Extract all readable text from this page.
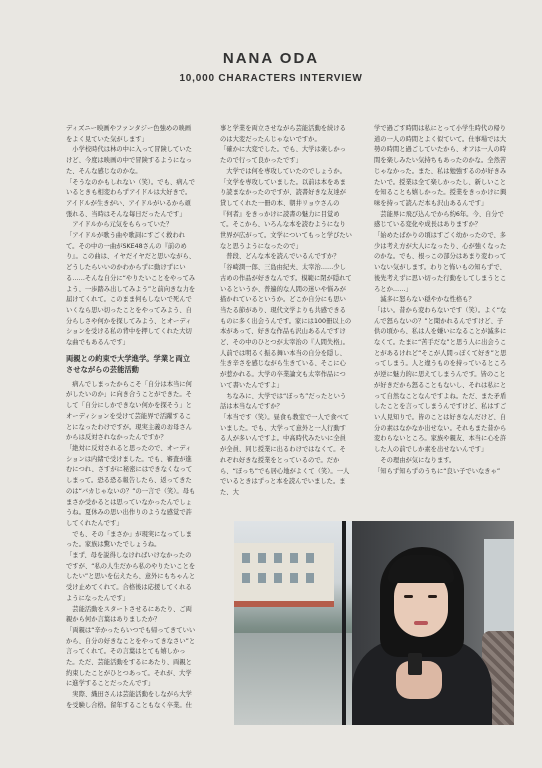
NANA ODA
10,000 CHARACTERS INTERVIEW

ディズニー映画やファンタジー色強めの映画をよく見ていた気がします」

　小学校時代は林の中に入って冒険していたけど、今度は映画の中で冒険するようになった、そんな感じなのかな。

「そうなのかもしれない（笑）。でも、病んでいるときも相変わらずアイドルは大好きで。アイドルが生きがい、アイドルがいるから頑張れる、当時はそんな毎日だったんです」

　アイドルから元気をもらっていた？

「アイドルが歌う曲や歌詞にすごく救われて。その中の一曲がSKE48さんの『前のめり』。この曲は、イヤだイヤだと思いながら、どうしたらいいのかわからずに動けずにいる……そんな自分に“やりたいことをやってみよう、一歩踏み出してみよう”と前向きな力を届けてくれて。このまま何もしないで死んでいくなら思い切ったことをやってみよう、自分らしさや何かを探してみよう、とオーディションを受ける私の背中を押してくれた大切な曲でもあるんです」

両親との約束で大学進学。学業と両立させながらの芸能活動

　病んでしまったからこそ「自分は本当に何がしたいのか」に向き合うことができた。そして「自分にしかできない何かを探そう」とオーディションを受けて芸能界で活躍することになったわけですが。現実主義のお母さんからは反対されなかったんですか？

「絶対に反対されると思ったので、オーディションは内緒で受けました。でも、審査が進むにつれ、さすがに秘密にはできなくなってしまって。恐る恐る報告したら、返ってきたのは“バカじゃないの？”の一言で（笑）。母もまさか受かるとは思っていなかったんでしょうね。夏休みの思い出作りのような感覚で許してくれたんです」

　でも、その「まさか」が現実になってしまった。家族は驚いたでしょうね。

「まず、母を説得しなければいけなかったのですが、“私の人生だから私のやりたいことをしたい”と思いを伝えたら、意外にもちゃんと受け止めてくれて。合格後は応援してくれるようになったんです」

　芸能活動をスタートさせるにあたり、ご両親から何か言葉はありましたか？

「両親は“辛かったらいつでも帰ってきていいから、自分の好きなことをやってきなさい”と言ってくれて。その言葉はとても嬉しかった。ただ、芸能活動をするにあたり、両親と約束したことがひとつあって。それが、大学に進学することだったんです」

　実際、織田さんは芸能活動をしながら大学を受験し合格。留年することもなく卒業。仕

事と学業を両立させながら芸能活動を続けるのは大変だったんじゃないですか。

「確かに大変でした。でも、大学は楽しかったので行って良かったです」

　大学では何を専攻していたのでしょうか。

「文学を専攻していました。以前は本をあまり読まなかったのですが、読書好きな友達が貸してくれた一冊の本、朝井リョウさんの『何者』をきっかけに読書の魅力に目覚めて。そこから、いろんな本を読むようになり世界が広がって。文学についてもっと学びたいなと思うようになったので」

　普段、どんな本を読んでいるんですか？

「谷崎潤一郎、三島由紀夫、太宰治……少し古めの作品が好きなんです。模範に閉が隠れているというか、普遍的な人間の迷いや悩みが描かれているというか。どこか自分にも思い当たる節があり、現代文学よりも共感できるものに多く出会うんです。家には100冊以上の本があって、好きな作品も沢山あるんですけど、その中のひとつが太宰治の『人間失格』。人前では明るく振る舞い本当の自分を隠し、生き辛さを感じながら生きている、そこに心が惹かれる。大学の卒業論文も太宰作品について書いたんですよ」

　ちなみに、大学では“ぼっち”だったという話は本当なんですか？

「本当です（笑）。昼食も教室で一人で食べていました。でも、大学って意外と一人行動する人が多いんですよ。中高時代みたいに全員が全員、同じ授業に出るわけではなくて。それぞれ好きな授業をとっているので。だから、“ぼっち”でも居心地がよくて（笑）。一人でいるときはずっと本を読んでいました。また、大

学で過ごす時間は私にとって小学生時代の帰り道の一人の時間とよく似ていて。仕事場では大勢の時間と過ごしていたから、オフは一人の時間を楽しみたい気持ちもあったのかな。全然苦じゃなかった。また、私は勉強するのが好きみたいで。授業は全て楽しかったし、新しいことを知ることも嬉しかった。授業をきっかけに興味を持って読んだ本も沢山あるんです」

　芸能界に飛び込んでから約6年。今、自分で感じている変化や成長はありますか？

「始めたばかりの頃はすごく幼かったので、多少は考え方が大人になったり、心が強くなったのかな。でも、根っこの部分はあまり変わっていない気がします。わりと怖いもの知らずで、後先考えずに思い切った行動をしてしまうところとか……」

　滅多に怒らない穏やかな性格も？

「はい。昔から変わらないです（笑）。よく“なんで怒らないの？”と聞かれるんですけど、子供の頃から、私は人を嫌いになることが滅多になくて。たまに“苦手だな”と思う人に出会うことがあるけれど“そこが人間っぽくて好き”と思ってしまう。人と違うものを持っているところが逆に魅力的に思えてしまうんです。皆のことが好きだから怒ることもないし、それは私にとって自然なことなんですよね。ただ、また矛盾したことを言ってしまうんですけど、私はすごい人見知りで。皆のことは好きなんだけど、自分の素はなかなか出せない。それもまた昔から変わらないところ。家族や親友、本当に心を許した人の前でしか素を出せないんです」

　その理由が気になります。

「知らず知らずのうちに“良い子でいなきゃ”
